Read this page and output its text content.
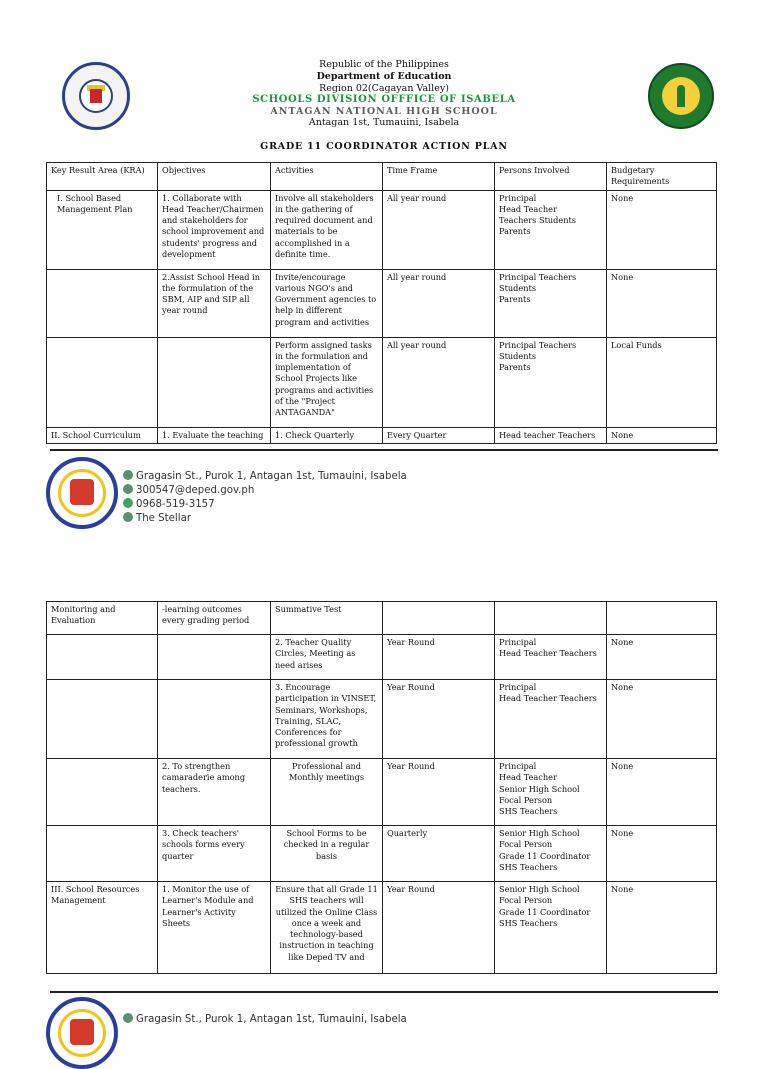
Republic of the Philippines
Department of Education
Region 02(Cagayan Valley)
SCHOOLS DIVISION OFFFICE OF ISABELA
ANTAGAN NATIONAL HIGH SCHOOL
Antagan 1st, Tumauini, Isabela
GRADE 11 COORDINATOR ACTION PLAN
Key Result Area (KRA)	Objectives	Activities	Time Frame	Persons Involved	Budgetary Requirements
I. School Based Management Plan	1. Collaborate with Head Teacher/Chairmen and stakeholders for school improvement and students' progress and development	Involve all stakeholders in the gathering of required document and materials to be accomplished in a definite time.	All year round	Principal
Head Teacher
Teachers Students
Parents	None
	2.Assist School Head in the formulation of the SBM, AIP and SIP all year round	Invite/encourage various NGO's and Government agencies to help in different program and activities	All year round	Principal Teachers
Students
Parents	None
		Perform assigned tasks in the formulation and implementation of School Projects like programs and activities of the "Project ANTAGANDA"	All year round	Principal Teachers
Students
Parents	Local Funds
II. School Curriculum	1. Evaluate the teaching	1. Check Quarterly	Every Quarter	Head teacher Teachers	None
Gragasin St., Purok 1, Antagan 1st, Tumauini, Isabela
300547@deped.gov.ph
0968-519-3157
The Stellar
Monitoring and Evaluation	-learning outcomes every grading period	Summative Test			
		2. Teacher Quality Circles, Meeting as need arises	Year Round	Principal
Head Teacher Teachers	None
		3. Encourage participation in VINSET, Seminars, Workshops, Training, SLAC, Conferences for professional growth	Year Round	Principal
Head Teacher Teachers	None
	2. To strengthen camaraderie among teachers.	Professional and Monthly meetings	Year Round	Principal
Head Teacher
Senior High School Focal Person
SHS Teachers	None
	3. Check teachers' schools forms every quarter	School Forms to be checked in a regular basis	Quarterly	Senior High School Focal Person
Grade 11 Coordinator
SHS Teachers	None
III. School Resources Management	1. Monitor the use of Learner's Module and Learner's Activity Sheets	Ensure that all Grade 11 SHS teachers will utilized the Online Class once a week and technology-based instruction in teaching like Deped TV and	Year Round	Senior High School Focal Person
Grade 11 Coordinator
SHS Teachers	None
Gragasin St., Purok 1, Antagan 1st, Tumauini, Isabela
